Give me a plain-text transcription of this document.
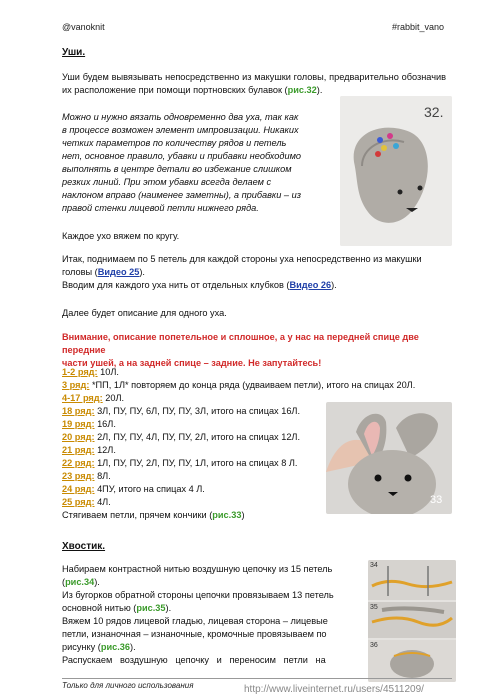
@vanoknit	#rabbit_vano
Уши.
Уши будем вывязывать непосредственно из макушки головы, предварительно обозначив их расположение при помощи портновских булавок (рис.32).
Можно и нужно вязать одновременно два уха, так как
в процессе возможен элемент импровизации. Никаких
четких параметров по количеству рядов и петель
нет, основное правило, убавки и прибавки необходимо
выполнять в центре детали во избежание слишком
резких линий. При этом убавки всегда делаем с
наклоном вправо (наименее заметны), а прибавки – из
правой стенки лицевой петли нижнего ряда.
32.
Каждое ухо вяжем по кругу.
Итак, поднимаем по 5 петель для каждой стороны уха непосредственно из макушки
головы (Видео 25).
Вводим для каждого уха нить от отдельных клубков (Видео 26).
Далее будет описание для одного уха.
Внимание, описание попетельное и сплошное, а у нас на передней спице две передние
части ушей, а на задней спице – задние. Не запутайтесь!
1-2 ряд: 10Л.
3 ряд: *ПП, 1Л* повторяем до конца ряда (удваиваем петли), итого на спицах 20Л.
4-17 ряд: 20Л.
18 ряд: 3Л, ПУ, ПУ, 6Л, ПУ, ПУ, 3Л, итого на спицах 16Л.
19 ряд: 16Л.
20 ряд: 2Л, ПУ, ПУ, 4Л, ПУ, ПУ, 2Л, итого на спицах 12Л.
21 ряд: 12Л.
22 ряд: 1Л, ПУ, ПУ, 2Л, ПУ, ПУ, 1Л, итого на спицах 8 Л.
23 ряд: 8Л.
24 ряд: 4ПУ, итого на спицах 4 Л.
25 ряд: 4Л.
Стягиваем петли, прячем кончики (рис.33)
33
Хвостик.
Набираем контрастной нитью воздушную цепочку из 15 петель
(рис.34).
Из бугорков обратной стороны цепочки провязываем 13 петель
основной нитью (рис.35).
Вяжем 10 рядов лицевой гладью, лицевая сторона – лицевые
петли, изнаночная – изнаночные, кромочные провязываем по
рисунку (рис.36).
Распускаем   воздушную   цепочку   и   переносим   петли   на
34
35
36
Только для личного использования	http://www.liveinternet.ru/users/4511209/
